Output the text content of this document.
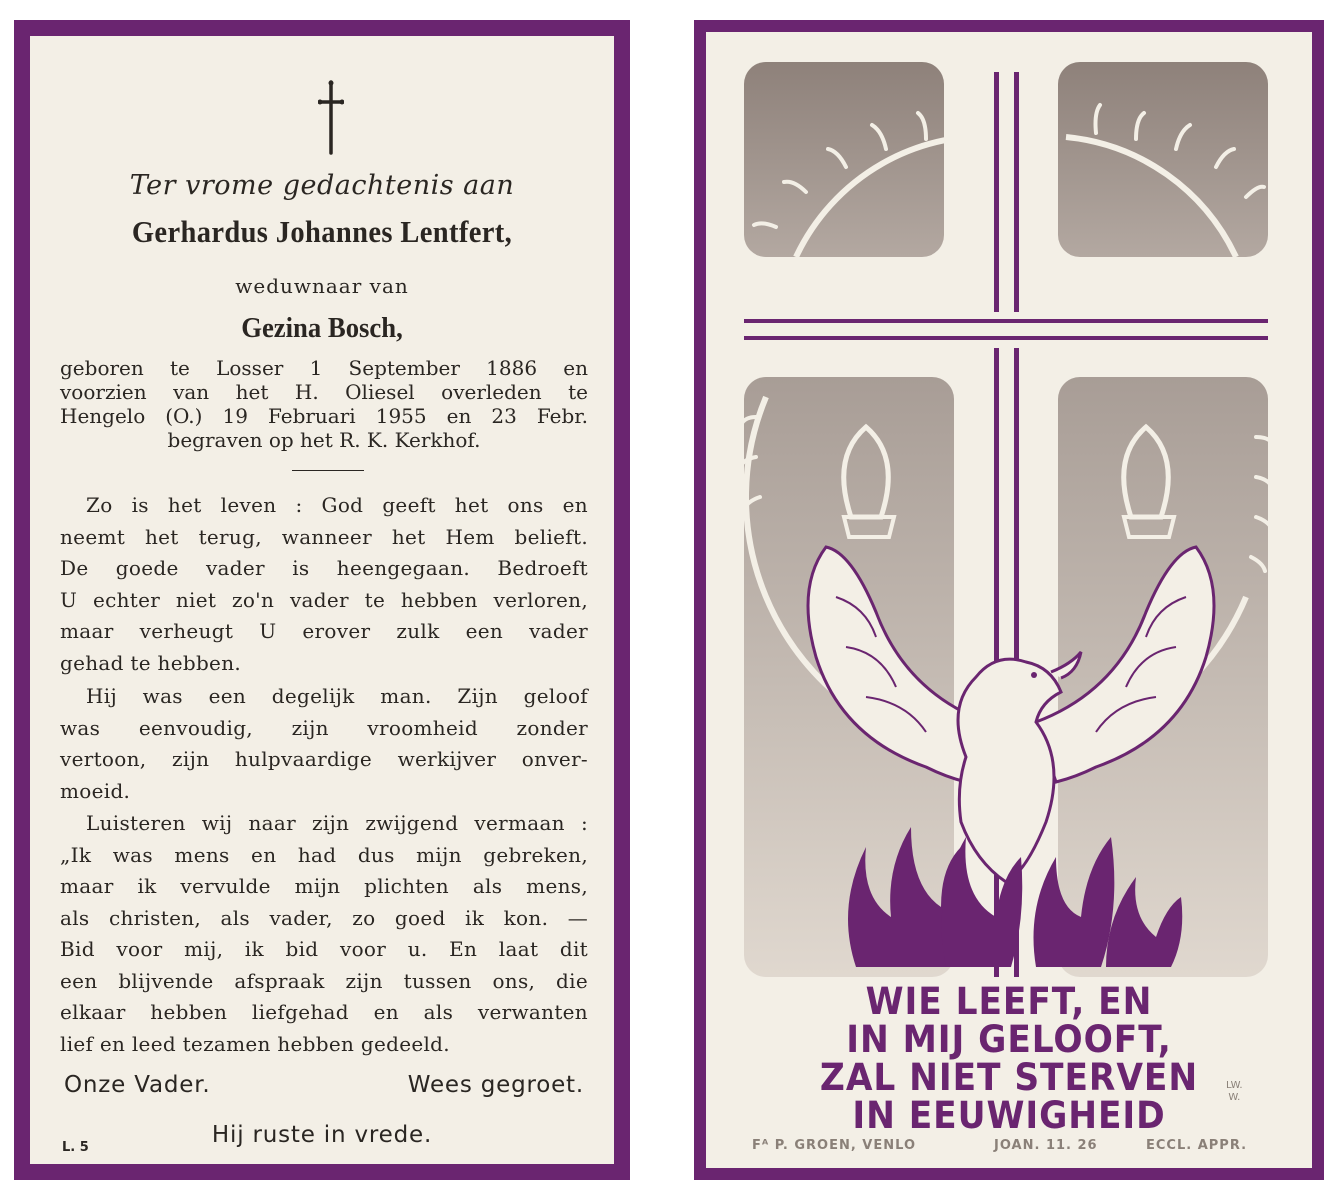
Ter vrome gedachtenis aan
Gerhardus Johannes Lentfert,
weduwnaar van
Gezina Bosch,
geboren te Losser 1 September 1886 en
voorzien van het H. Oliesel overleden te
Hengelo (O.) 19 Februari 1955 en 23 Febr.
begraven op het R. K. Kerkhof.
Zo is het leven : God geeft het ons en
neemt het terug, wanneer het Hem belieft.
De goede vader is heengegaan. Bedroeft
U echter niet zo'n vader te hebben verloren,
maar verheugt U erover zulk een vader
gehad te hebben.
Hij was een degelijk man. Zijn geloof
was eenvoudig, zijn vroomheid zonder
vertoon, zijn hulpvaardige werkijver onver-
moeid.
Luisteren wij naar zijn zwijgend vermaan :
„Ik was mens en had dus mijn gebreken,
maar ik vervulde mijn plichten als mens,
als christen, als vader, zo goed ik kon. —
Bid voor mij, ik bid voor u. En laat dit
een blijvende afspraak zijn tussen ons, die
elkaar hebben liefgehad en als verwanten
lief en leed tezamen hebben gedeeld.
Onze Vader.	Wees gegroet.
Hij ruste in vrede.
L. 5
WIE LEEFT, EN
IN MIJ GELOOFT,
ZAL NIET STERVEN
IN EEUWIGHEID
LW.
W.
Fᴬ P. GROEN, VENLO	JOAN. 11. 26	ECCL. APPR.
